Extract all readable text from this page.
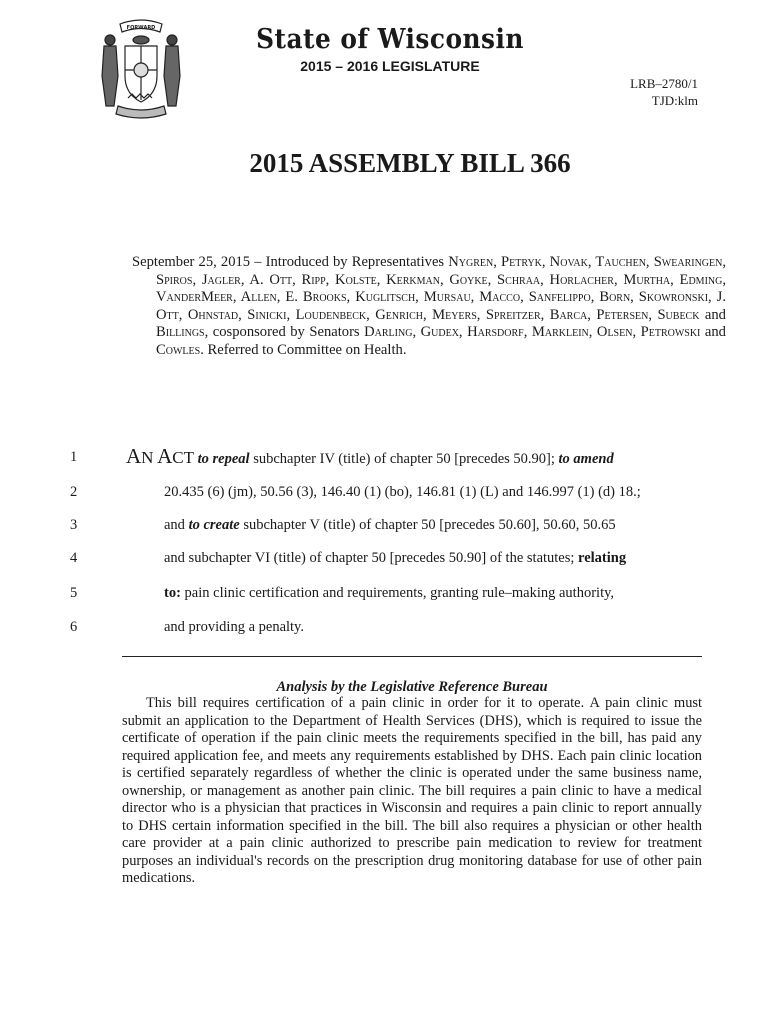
FORWARD	State of Wisconsin
2015 – 2016 LEGISLATURE
LRB–2780/1
TJD:klm
2015 ASSEMBLY BILL 366
September 25, 2015 – Introduced by Representatives Nygren, Petryk, Novak, Tauchen, Swearingen, Spiros, Jagler, A. Ott, Ripp, Kolste, Kerkman, Goyke, Schraa, Horlacher, Murtha, Edming, VanderMeer, Allen, E. Brooks, Kuglitsch, Mursau, Macco, Sanfelippo, Born, Skowronski, J. Ott, Ohnstad, Sinicki, Loudenbeck, Genrich, Meyers, Spreitzer, Barca, Petersen, Subeck and Billings, cosponsored by Senators Darling, Gudex, Harsdorf, Marklein, Olsen, Petrowski and Cowles. Referred to Committee on Health.
1
2
3
4
5
6
AN ACT to repeal subchapter IV (title) of chapter 50 [precedes 50.90]; to amend
20.435 (6) (jm), 50.56 (3), 146.40 (1) (bo), 146.81 (1) (L) and 146.997 (1) (d) 18.;
and to create subchapter V (title) of chapter 50 [precedes 50.60], 50.60, 50.65
and subchapter VI (title) of chapter 50 [precedes 50.90] of the statutes; relating
to: pain clinic certification and requirements, granting rule–making authority,
and providing a penalty.
Analysis by the Legislative Reference Bureau
This bill requires certification of a pain clinic in order for it to operate. A pain clinic must submit an application to the Department of Health Services (DHS), which is required to issue the certificate of operation if the pain clinic meets the requirements specified in the bill, has paid any required application fee, and meets any requirements established by DHS. Each pain clinic location is certified separately regardless of whether the clinic is operated under the same business name, ownership, or management as another pain clinic. The bill requires a pain clinic to have a medical director who is a physician that practices in Wisconsin and requires a pain clinic to report annually to DHS certain information specified in the bill. The bill also requires a physician or other health care provider at a pain clinic authorized to prescribe pain medication to review for treatment purposes an individual's records on the prescription drug monitoring database for use of other pain medications.
